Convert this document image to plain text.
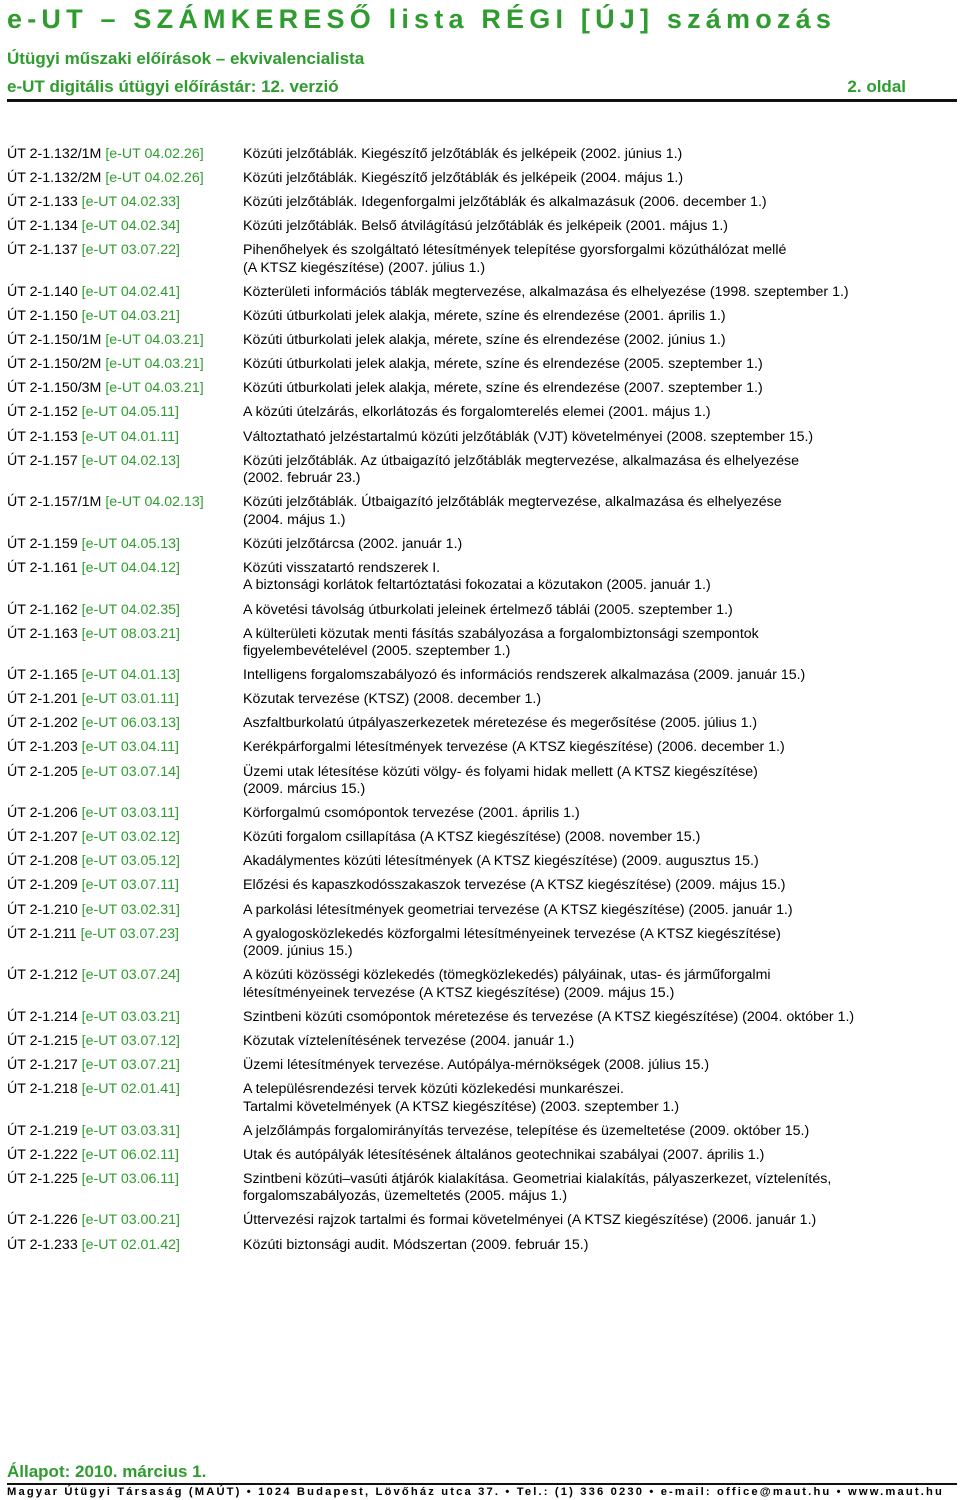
e-UT – SZÁMKERESŐ lista RÉGI [ÚJ] számozás
Útügyi műszaki előírások – ekvivalencialista
e-UT digitális útügyi előírástár: 12. verzió	2. oldal
ÚT 2-1.132/1M [e-UT 04.02.26]	Közúti jelzőtáblák. Kiegészítő jelzőtáblák és jelképeik (2002. június 1.)
ÚT 2-1.132/2M [e-UT 04.02.26]	Közúti jelzőtáblák. Kiegészítő jelzőtáblák és jelképeik (2004. május 1.)
ÚT 2-1.133 [e-UT 04.02.33]	Közúti jelzőtáblák. Idegenforgalmi jelzőtáblák és alkalmazásuk (2006. december 1.)
ÚT 2-1.134 [e-UT 04.02.34]	Közúti jelzőtáblák. Belső átvilágítású jelzőtáblák és jelképeik (2001. május 1.)
ÚT 2-1.137 [e-UT 03.07.22]	Pihenőhelyek és szolgáltató létesítmények telepítése gyorsforgalmi közúthálózat mellé
(A KTSZ kiegészítése) (2007. július 1.)
ÚT 2-1.140 [e-UT 04.02.41]	Közterületi információs táblák megtervezése, alkalmazása és elhelyezése (1998. szeptember 1.)
ÚT 2-1.150 [e-UT 04.03.21]	Közúti útburkolati jelek alakja, mérete, színe és elrendezése (2001. április 1.)
ÚT 2-1.150/1M [e-UT 04.03.21]	Közúti útburkolati jelek alakja, mérete, színe és elrendezése (2002. június 1.)
ÚT 2-1.150/2M [e-UT 04.03.21]	Közúti útburkolati jelek alakja, mérete, színe és elrendezése (2005. szeptember 1.)
ÚT 2-1.150/3M [e-UT 04.03.21]	Közúti útburkolati jelek alakja, mérete, színe és elrendezése (2007. szeptember 1.)
ÚT 2-1.152 [e-UT 04.05.11]	A közúti útelzárás, elkorlátozás és forgalomterelés elemei (2001. május 1.)
ÚT 2-1.153 [e-UT 04.01.11]	Változtatható jelzéstartalmú közúti jelzőtáblák (VJT) követelményei (2008. szeptember 15.)
ÚT 2-1.157 [e-UT 04.02.13]	Közúti jelzőtáblák. Az útbaigazító jelzőtáblák megtervezése, alkalmazása és elhelyezése
(2002. február 23.)
ÚT 2-1.157/1M [e-UT 04.02.13]	Közúti jelzőtáblák. Útbaigazító jelzőtáblák megtervezése, alkalmazása és elhelyezése
(2004. május 1.)
ÚT 2-1.159 [e-UT 04.05.13]	Közúti jelzőtárcsa (2002. január 1.)
ÚT 2-1.161 [e-UT 04.04.12]	Közúti visszatartó rendszerek I.
A biztonsági korlátok feltartóztatási fokozatai a közutakon (2005. január 1.)
ÚT 2-1.162 [e-UT 04.02.35]	A követési távolság útburkolati jeleinek értelmező táblái (2005. szeptember 1.)
ÚT 2-1.163 [e-UT 08.03.21]	A külterületi közutak menti fásítás szabályozása a forgalombiztonsági szempontok
figyelembevételével (2005. szeptember 1.)
ÚT 2-1.165 [e-UT 04.01.13]	Intelligens forgalomszabályozó és információs rendszerek alkalmazása (2009. január 15.)
ÚT 2-1.201 [e-UT 03.01.11]	Közutak tervezése (KTSZ) (2008. december 1.)
ÚT 2-1.202 [e-UT 06.03.13]	Aszfaltburkolatú útpályaszerkezetek méretezése és megerősítése (2005. július 1.)
ÚT 2-1.203 [e-UT 03.04.11]	Kerékpárforgalmi létesítmények tervezése (A KTSZ kiegészítése) (2006. december 1.)
ÚT 2-1.205 [e-UT 03.07.14]	Üzemi utak létesítése közúti völgy- és folyami hidak mellett (A KTSZ kiegészítése)
(2009. március 15.)
ÚT 2-1.206 [e-UT 03.03.11]	Körforgalmú csomópontok tervezése (2001. április 1.)
ÚT 2-1.207 [e-UT 03.02.12]	Közúti forgalom csillapítása (A KTSZ kiegészítése) (2008. november 15.)
ÚT 2-1.208 [e-UT 03.05.12]	Akadálymentes közúti létesítmények (A KTSZ kiegészítése) (2009. augusztus 15.)
ÚT 2-1.209 [e-UT 03.07.11]	Előzési és kapaszkodósszakaszok tervezése (A KTSZ kiegészítése) (2009. május 15.)
ÚT 2-1.210 [e-UT 03.02.31]	A parkolási létesítmények geometriai tervezése (A KTSZ kiegészítése) (2005. január 1.)
ÚT 2-1.211 [e-UT 03.07.23]	A gyalogosközlekedés közforgalmi létesítményeinek tervezése (A KTSZ kiegészítése)
(2009. június 15.)
ÚT 2-1.212 [e-UT 03.07.24]	A közúti közösségi közlekedés (tömegközlekedés) pályáinak, utas- és járműforgalmi
létesítményeinek tervezése (A KTSZ kiegészítése) (2009. május 15.)
ÚT 2-1.214 [e-UT 03.03.21]	Szintbeni közúti csomópontok méretezése és tervezése (A KTSZ kiegészítése) (2004. október 1.)
ÚT 2-1.215 [e-UT 03.07.12]	Közutak víztelenítésének tervezése (2004. január 1.)
ÚT 2-1.217 [e-UT 03.07.21]	Üzemi létesítmények tervezése. Autópálya-mérnökségek (2008. július 15.)
ÚT 2-1.218 [e-UT 02.01.41]	A településrendezési tervek közúti közlekedési munkarészei.
Tartalmi követelmények (A KTSZ kiegészítése) (2003. szeptember 1.)
ÚT 2-1.219 [e-UT 03.03.31]	A jelzőlámpás forgalomirányítás tervezése, telepítése és üzemeltetése (2009. október 15.)
ÚT 2-1.222 [e-UT 06.02.11]	Utak és autópályák létesítésének általános geotechnikai szabályai (2007. április 1.)
ÚT 2-1.225 [e-UT 03.06.11]	Szintbeni közúti–vasúti átjárók kialakítása. Geometriai kialakítás, pályaszerkezet, víztelenítés,
forgalomszabályozás, üzemeltetés (2005. május 1.)
ÚT 2-1.226 [e-UT 03.00.21]	Úttervezési rajzok tartalmi és formai követelményei (A KTSZ kiegészítése) (2006. január 1.)
ÚT 2-1.233 [e-UT 02.01.42]	Közúti biztonsági audit. Módszertan (2009. február 15.)
Állapot: 2010. március 1.
Magyar Útügyi Társaság (MAÚT) • 1024 Budapest, Lövőház utca 37. • Tel.: (1) 336 0230 • e-mail: office@maut.hu • www.maut.hu
